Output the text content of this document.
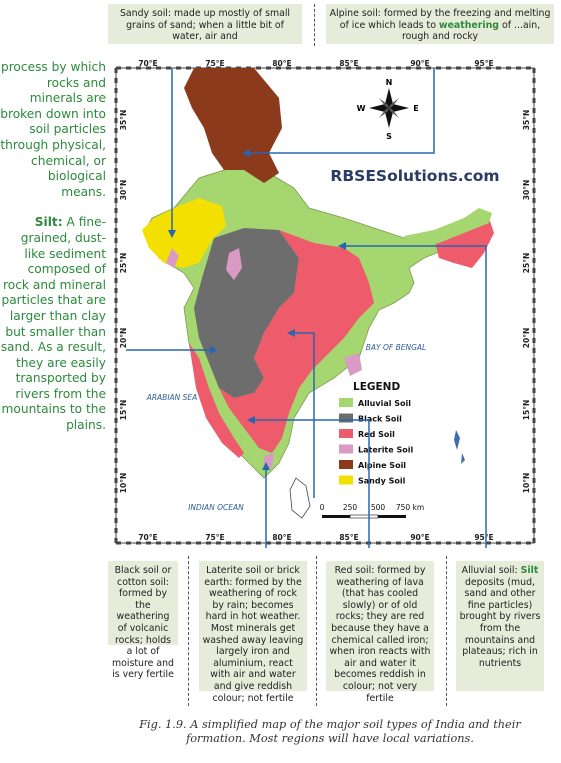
process by which rocks and minerals are broken down into soil particles through physical, chemical, or biological means.

Silt: A fine-grained, dust-like sediment composed of rock and mineral particles that are larger than clay but smaller than sand. As a result, they are easily transported by rivers from the mountains to the plains.

Sandy soil: made up mostly of small grains of sand; when a little bit of water, air and
Alpine soil: formed by the freezing and melting of ice which leads to weathering of ...ain, rough and rocky
70°E	75°E	80°E	85°E	90°E	95°E
70°E	75°E	80°E	85°E	90°E	95°E
35°N
30°N
25°N
20°N
15°N
10°N
35°N
30°N
25°N
20°N
15°N
10°N
N
S
E
W
RBSESolutions.com
BAY OF BENGAL
ARABIAN SEA
INDIAN OCEAN
LEGEND
Alluvial Soil
Black Soil
Red Soil
Laterite Soil
Alpine Soil
Sandy Soil
0 250 500 750 km
Black soil or cotton soil: formed by the weathering of volcanic rocks; holds a lot of moisture and is very fertile
Laterite soil or brick earth: formed by the weathering of rock by rain; becomes hard in hot weather. Most minerals get washed away leaving largely iron and aluminium, react with air and water and give reddish colour; not fertile
Red soil: formed by weathering of lava (that has cooled slowly) or of old rocks; they are red because they have a chemical called iron; when iron reacts with air and water it becomes reddish in colour; not very fertile
Alluvial soil: Silt deposits (mud, sand and other fine particles) brought by rivers from the mountains and plateaus; rich in nutrients
Fig. 1.9. A simplified map of the major soil types of India and their formation. Most regions will have local variations.
